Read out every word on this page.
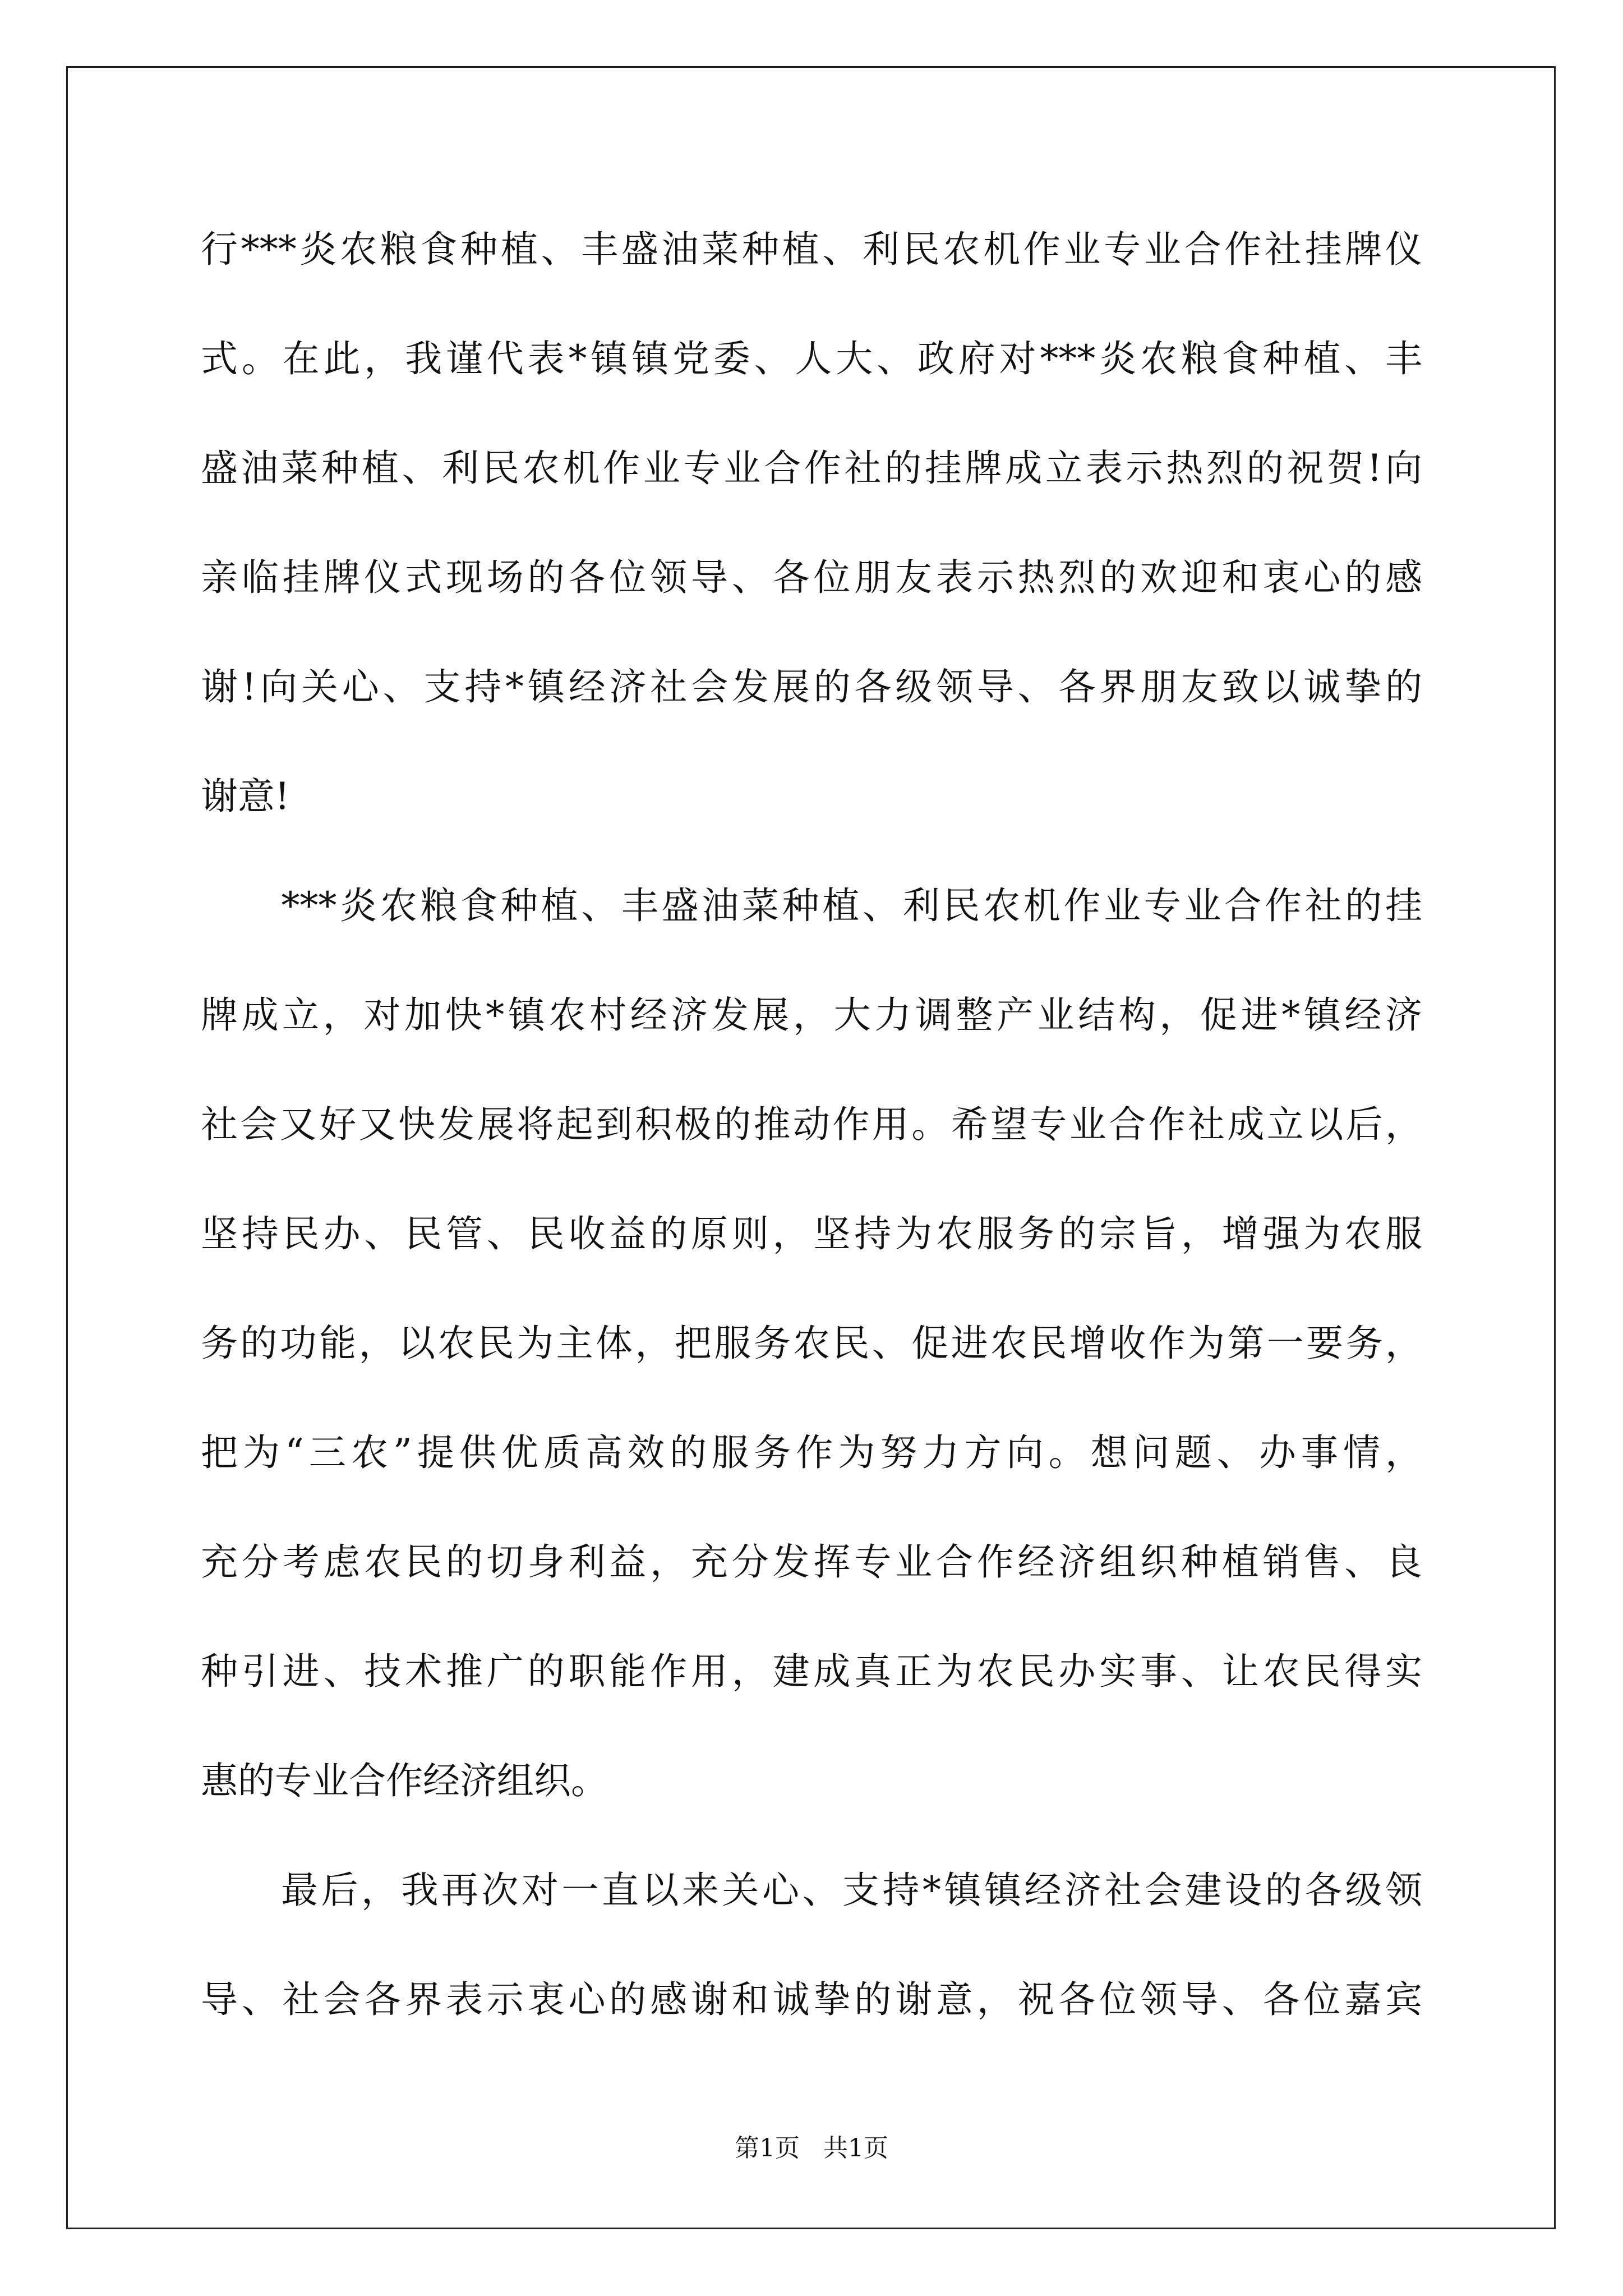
行***炎农粮食种植、丰盛油菜种植、利民农机作业专业合作社挂牌仪
式。在此，我谨代表*镇镇党委、人大、政府对***炎农粮食种植、丰
盛油菜种植、利民农机作业专业合作社的挂牌成立表示热烈的祝贺!向
亲临挂牌仪式现场的各位领导、各位朋友表示热烈的欢迎和衷心的感
谢!向关心、支持*镇经济社会发展的各级领导、各界朋友致以诚挚的
谢意!
　　***炎农粮食种植、丰盛油菜种植、利民农机作业专业合作社的挂
牌成立，对加快*镇农村经济发展，大力调整产业结构，促进*镇经济
社会又好又快发展将起到积极的推动作用。希望专业合作社成立以后，
坚持民办、民管、民收益的原则，坚持为农服务的宗旨，增强为农服
务的功能，以农民为主体，把服务农民、促进农民增收作为第一要务，
把为“三农”提供优质高效的服务作为努力方向。想问题、办事情，
充分考虑农民的切身利益，充分发挥专业合作经济组织种植销售、良
种引进、技术推广的职能作用，建成真正为农民办实事、让农民得实
惠的专业合作经济组织。
　　最后，我再次对一直以来关心、支持*镇镇经济社会建设的各级领
导、社会各界表示衷心的感谢和诚挚的谢意，祝各位领导、各位嘉宾
第1页 共1页
